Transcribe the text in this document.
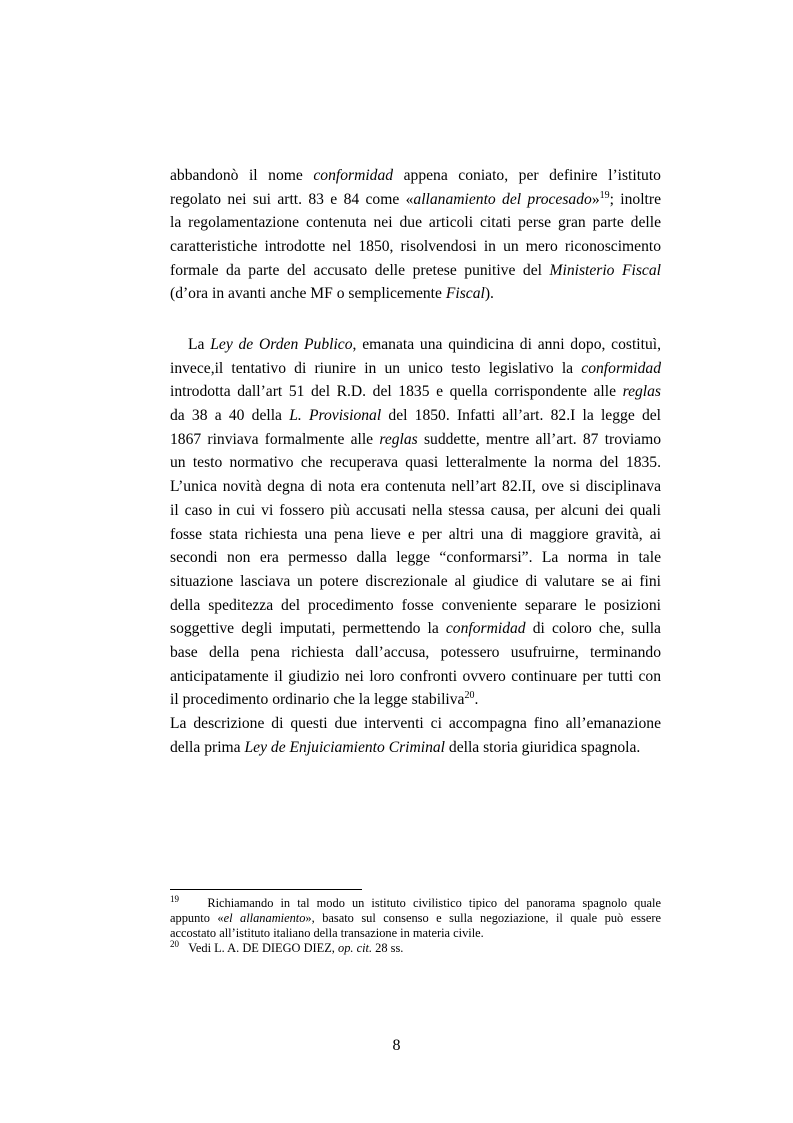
abbandonò il nome conformidad appena coniato, per definire l’istituto
regolato nei sui artt. 83 e 84 come «allanamiento del procesado»$^{19}$; inoltre
la regolamentazione contenuta nei due articoli citati perse gran parte delle
caratteristiche introdotte nel 1850, risolvendosi in un mero riconoscimento
formale da parte del accusato delle pretese punitive del Ministerio Fiscal
(d’ora in avanti anche MF o semplicemente Fiscal).
La Ley de Orden Publico, emanata una quindicina di anni dopo, costituì,
invece,il tentativo di riunire in un unico testo legislativo la conformidad
introdotta dall’art 51 del R.D. del 1835 e quella corrispondente alle reglas
da 38 a 40 della L. Provisional del 1850. Infatti all’art. 82.I la legge del
1867 rinviava formalmente alle reglas suddette, mentre all’art. 87 troviamo
un testo normativo che recuperava quasi letteralmente la norma del 1835.
L’unica novità degna di nota era contenuta nell’art 82.II, ove si disciplinava
il caso in cui vi fossero più accusati nella stessa causa, per alcuni dei quali
fosse stata richiesta una pena lieve e per altri una di maggiore gravità, ai
secondi non era permesso dalla legge “conformarsi”. La norma in tale
situazione lasciava un potere discrezionale al giudice di valutare se ai fini
della speditezza del procedimento fosse conveniente separare le posizioni
soggettive degli imputati, permettendo la conformidad di coloro che, sulla
base della pena richiesta dall’accusa, potessero usufruirne, terminando
anticipatamente il giudizio nei loro confronti ovvero continuare per tutti con
il procedimento ordinario che la legge stabiliva$^{20}$.
La descrizione di questi due interventi ci accompagna fino all’emanazione
della prima Ley de Enjuiciamiento Criminal della storia giuridica spagnola.
$^{19}$ Richiamando in tal modo un istituto civilistico tipico del panorama spagnolo quale
appunto «el allanamiento», basato sul consenso e sulla negoziazione, il quale può essere
accostato all’istituto italiano della transazione in materia civile.
$^{20}$ Vedi L. A. DE DIEGO DIEZ, op. cit. 28 ss.
8
